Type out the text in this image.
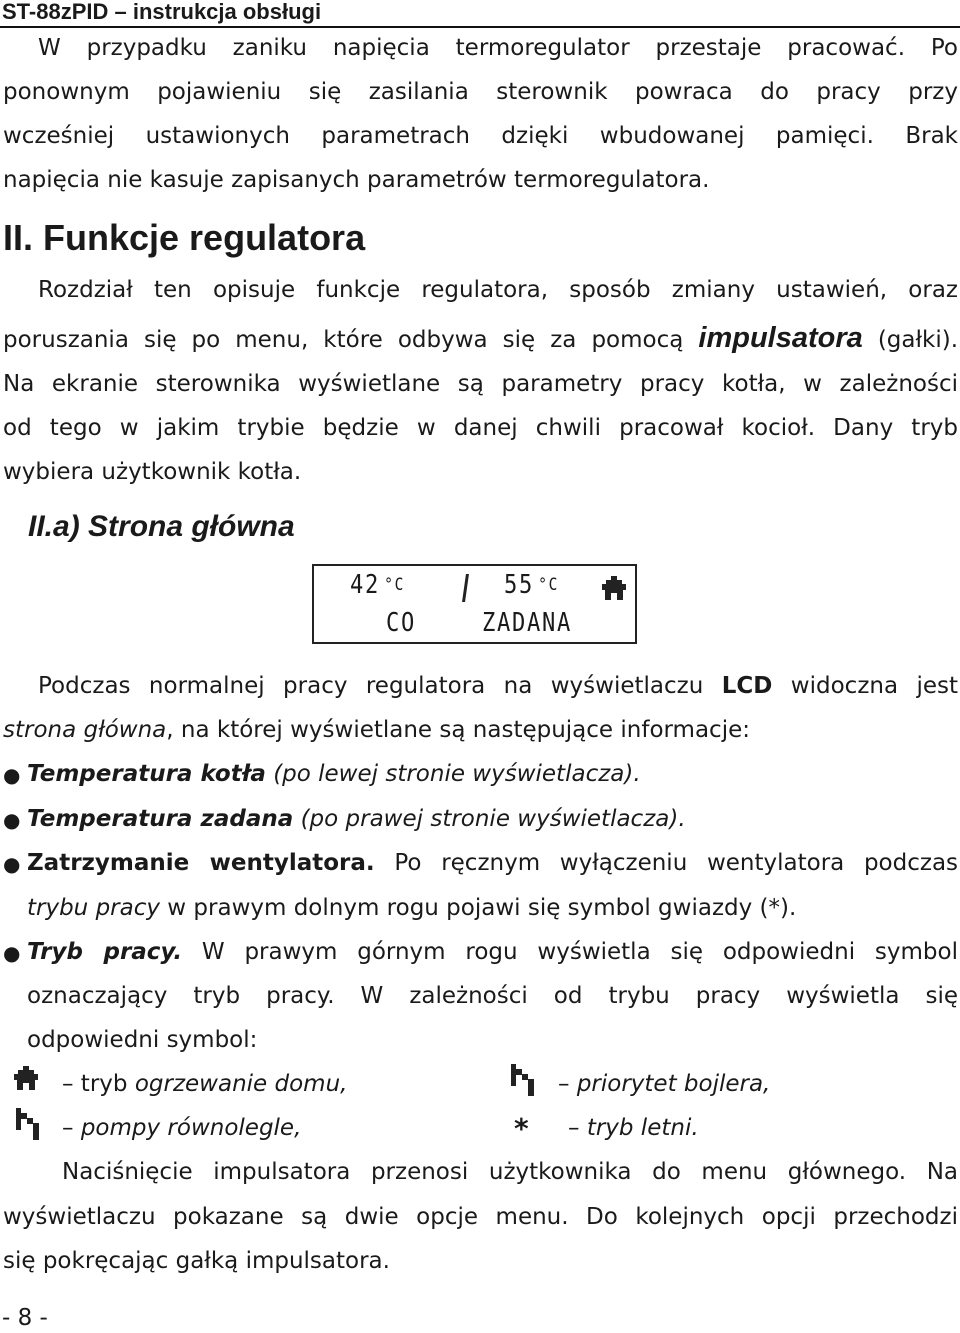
ST-88zPID – instrukcja obsługi
W przypadku zaniku napięcia termoregulator przestaje pracować. Po
ponownym pojawieniu się zasilania sterownik powraca do pracy przy
wcześniej ustawionych parametrach dzięki wbudowanej pamięci. Brak
napięcia nie kasuje zapisanych parametrów termoregulatora.
II. Funkcje regulatora
Rozdział ten opisuje funkcje regulatora, sposób zmiany ustawień, oraz
poruszania się po menu, które odbywa się za pomocą impulsatora (gałki).
Na ekranie sterownika wyświetlane są parametry pracy kotła, w zależności
od tego w jakim trybie będzie w danej chwili pracował kocioł. Dany tryb
wybiera użytkownik kotła.
II.a) Strona główna
42 $^{^\circ C}$	55 $^{^\circ C}$
CO	ZADANA
Podczas normalnej pracy regulatora na wyświetlaczu LCD widoczna jest
strona główna, na której wyświetlane są następujące informacje:
● Temperatura kotła (po lewej stronie wyświetlacza).
● Temperatura zadana (po prawej stronie wyświetlacza).
● Zatrzymanie wentylatora. Po ręcznym wyłączeniu wentylatora podczas
trybu pracy w prawym dolnym rogu pojawi się symbol gwiazdy (*).
● Tryb pracy. W prawym górnym rogu wyświetla się odpowiedni symbol
oznaczający tryb pracy. W zależności od trybu pracy wyświetla się
odpowiedni symbol:
– tryb ogrzewanie domu,	– priorytet bojlera,
– pompy równolegle,	* – tryb letni.
Naciśnięcie impulsatora przenosi użytkownika do menu głównego. Na
wyświetlaczu pokazane są dwie opcje menu. Do kolejnych opcji przechodzi
się pokręcając gałką impulsatora.
- 8 -
